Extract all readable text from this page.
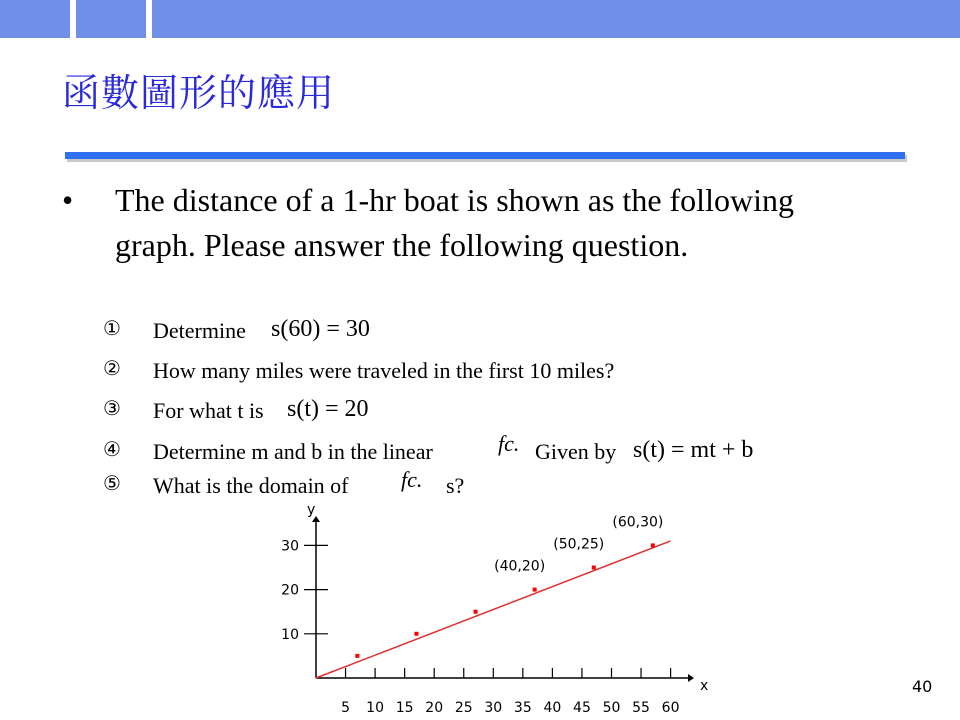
函數圖形的應用
• The distance of a 1-hr boat is shown as the following graph. Please answer the following question.
① Determine s(60) = 30
② How many miles were traveled in the first 10 miles?
③ For what t is s(t) = 20
④ Determine m and b in the linear	fc. Given by s(t) = mt + b
⑤ What is the domain of fc. s?
x
y
5 10 15 20 25 30 35 40 45 50 55 60
10
20
30
(40,20)
(50,25)
(60,30)
40
